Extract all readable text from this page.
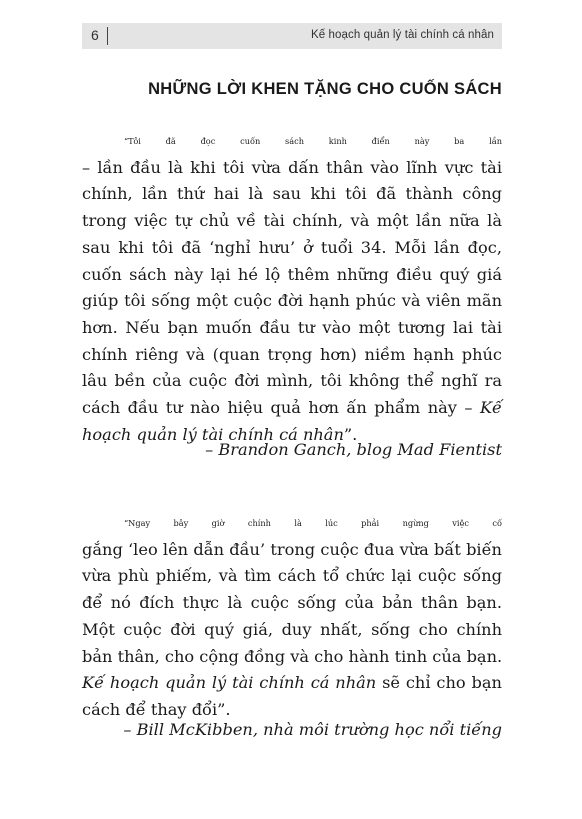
6	Kế hoạch quản lý tài chính cá nhân
NHỮNG LỜI KHEN TẶNG CHO CUỐN SÁCH
“Tôi đã đọc cuốn sách kinh điển này ba lần
– lần đầu là khi tôi vừa dấn thân vào lĩnh vực tài
chính, lần thứ hai là sau khi tôi đã thành công
trong việc tự chủ về tài chính, và một lần nữa là
sau khi tôi đã ‘nghỉ hưu’ ở tuổi 34. Mỗi lần đọc,
cuốn sách này lại hé lộ thêm những điều quý giá
giúp tôi sống một cuộc đời hạnh phúc và viên mãn
hơn. Nếu bạn muốn đầu tư vào một tương lai tài
chính riêng và (quan trọng hơn) niềm hạnh phúc
lâu bền của cuộc đời mình, tôi không thể nghĩ ra
cách đầu tư nào hiệu quả hơn ấn phẩm này – Kế
hoạch quản lý tài chính cá nhân”.
– Brandon Ganch, blog Mad Fientist
“Ngay bây giờ chính là lúc phải ngừng việc cố
gắng ‘leo lên dẫn đầu’ trong cuộc đua vừa bất biến
vừa phù phiếm, và tìm cách tổ chức lại cuộc sống
để nó đích thực là cuộc sống của bản thân bạn.
Một cuộc đời quý giá, duy nhất, sống cho chính
bản thân, cho cộng đồng và cho hành tinh của bạn.
Kế hoạch quản lý tài chính cá nhân sẽ chỉ cho bạn
cách để thay đổi”.
– Bill McKibben, nhà môi trường học nổi tiếng
